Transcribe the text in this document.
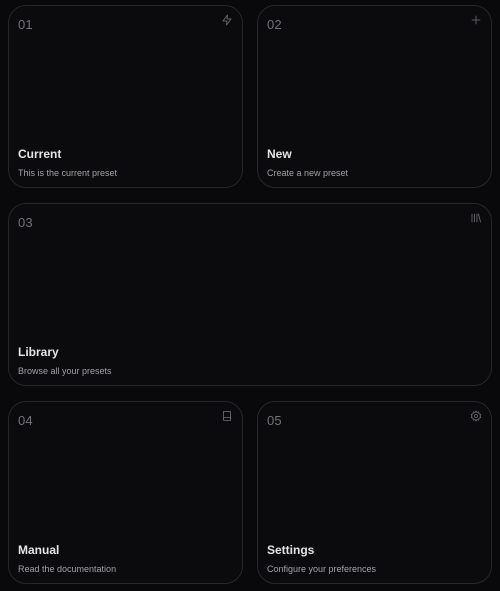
01
Current
This is the current preset
02
New
Create a new preset
03
Library
Browse all your presets
04
Manual
Read the documentation
05
Settings
Configure your preferences
